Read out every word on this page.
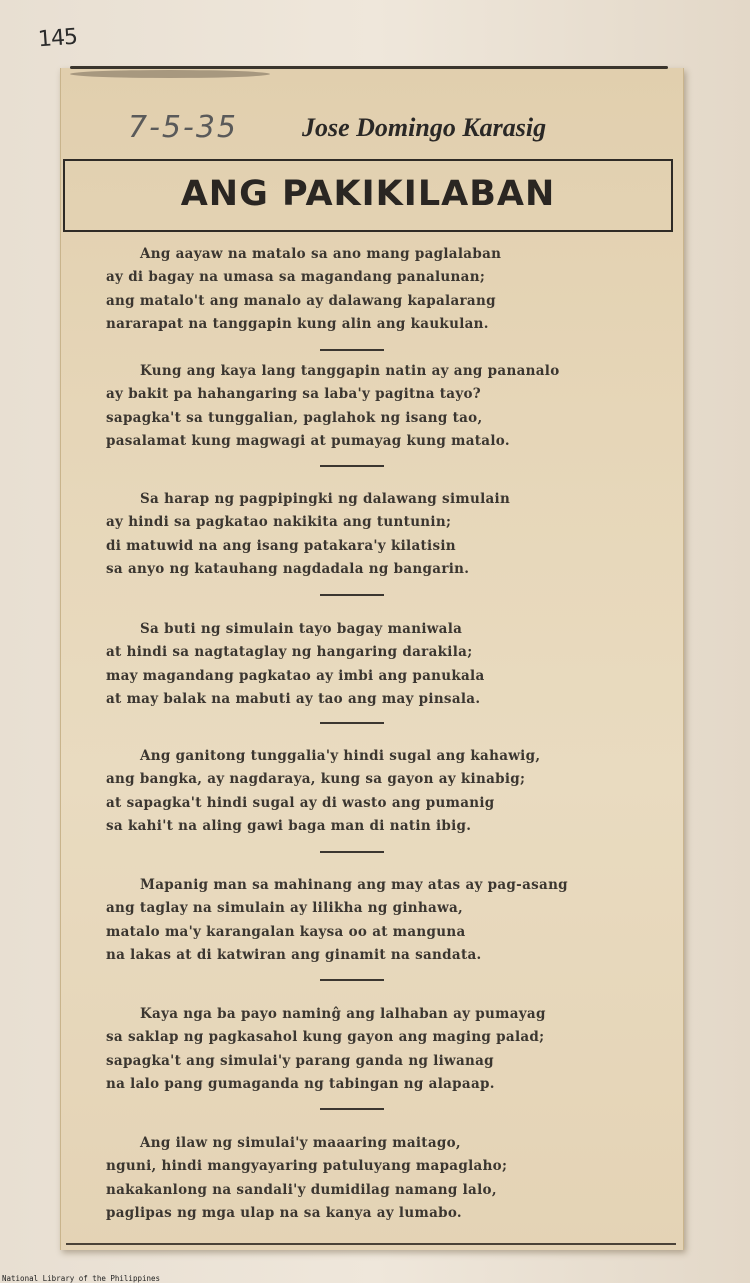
145
7-5-35 Jose Domingo Karasig
ANG PAKIKILABAN
Ang aayaw na matalo sa ano mang paglalaban
ay di bagay na umasa sa magandang panalunan;
ang matalo't ang manalo ay dalawang kapalarang
nararapat na tanggapin kung alin ang kaukulan.
Kung ang kaya lang tanggapin natin ay ang pananalo
ay bakit pa hahangaring sa laba'y pagitna tayo?
sapagka't sa tunggalian, paglahok ng isang tao,
pasalamat kung magwagi at pumayag kung matalo.
Sa harap ng pagpipingki ng dalawang simulain
ay hindi sa pagkatao nakikita ang tuntunin;
di matuwid na ang isang patakara'y kilatisin
sa anyo ng katauhang nagdadala ng bangarin.
Sa buti ng simulain tayo bagay maniwala
at hindi sa nagtataglay ng hangaring darakila;
may magandang pagkatao ay imbi ang panukala
at may balak na mabuti ay tao ang may pinsala.
Ang ganitong tunggalia'y hindi sugal ang kahawig,
ang bangka, ay nagdaraya, kung sa gayon ay kinabig;
at sapagka't hindi sugal ay di wasto ang pumanig
sa kahi't na aling gawi baga man di natin ibig.
Mapanig man sa mahinang ang may atas ay pag-asang
ang taglay na simulain ay lilikha ng ginhawa,
matalo ma'y karangalan kaysa oo at manguna
na lakas at di katwiran ang ginamit na sandata.
Kaya nga ba payo naminĝ ang lalhaban ay pumayag
sa saklap ng pagkasahol kung gayon ang maging palad;
sapagka't ang simulai'y parang ganda ng liwanag
na lalo pang gumaganda ng tabingan ng alapaap.
Ang ilaw ng simulai'y maaaring maitago,
nguni, hindi mangyayaring patuluyang mapaglaho;
nakakanlong na sandali'y dumidilag namang lalo,
paglipas ng mga ulap na sa kanya ay lumabo.
National Library of the Philippines
